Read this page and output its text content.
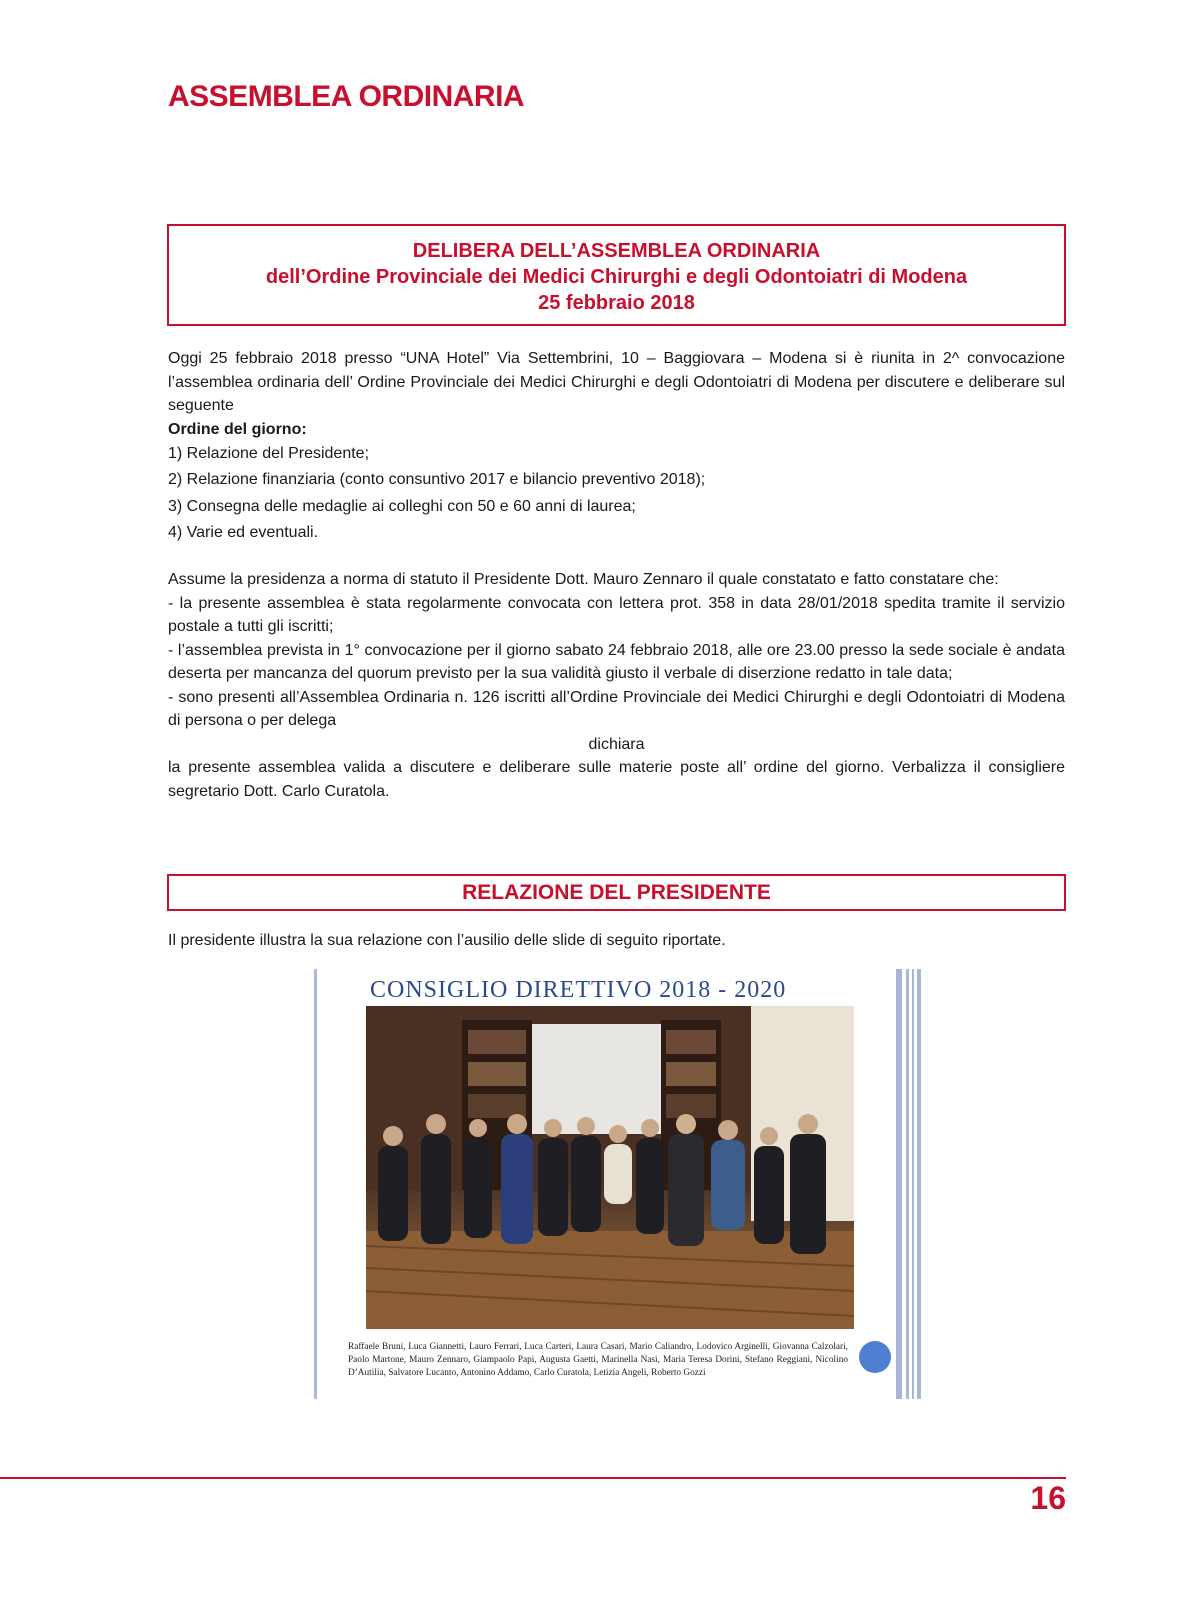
ASSEMBLEA ORDINARIA
DELIBERA DELL’ASSEMBLEA ORDINARIA
dell’Ordine Provinciale dei Medici Chirurghi e degli Odontoiatri di Modena
25 febbraio 2018
Oggi 25 febbraio 2018 presso “UNA Hotel” Via Settembrini, 10 – Baggiovara – Modena si è riunita in 2^ convocazione l’assemblea ordinaria dell’ Ordine Provinciale dei Medici Chirurghi e degli Odontoiatri di Modena per discutere e deliberare sul seguente
Ordine del giorno:
1) Relazione del Presidente;
2) Relazione finanziaria (conto consuntivo 2017 e bilancio preventivo 2018);
3) Consegna delle medaglie ai colleghi con 50 e 60 anni di laurea;
4) Varie ed eventuali.
Assume la presidenza a norma di statuto il Presidente Dott. Mauro Zennaro il quale constatato e fatto constatare che:
- la presente assemblea è stata regolarmente convocata con lettera prot. 358 in data 28/01/2018 spedita tramite il servizio postale a tutti gli iscritti;
- l’assemblea prevista in 1° convocazione per il giorno sabato 24 febbraio 2018, alle ore 23.00 presso la sede sociale è andata deserta per mancanza del quorum previsto per la sua validità giusto il verbale di diserzione redatto in tale data;
- sono presenti all’Assemblea Ordinaria n. 126 iscritti all’Ordine Provinciale dei Medici Chirurghi e degli Odontoiatri di Modena di persona o per delega
dichiara
la presente assemblea valida a discutere e deliberare sulle materie poste all’ ordine del giorno. Verbalizza il consigliere segretario Dott. Carlo Curatola.
RELAZIONE DEL PRESIDENTE
Il presidente illustra la sua relazione con l’ausilio delle slide di seguito riportate.
CONSIGLIO DIRETTIVO 2018 - 2020
Raffaele Bruni, Luca Giannetti, Lauro Ferrari, Luca Carteri, Laura Casari, Mario Caliandro, Lodovico Arginelli, Giovanna Calzolari, Paolo Martone, Mauro Zennaro, Giampaolo Papi, Augusta Gaetti, Marinella Nasi, Maria Teresa Dorini, Stefano Reggiani, Nicolino D’Autilia, Salvatore Lucanto, Antonino Addamo, Carlo Curatola, Letizia Angeli, Roberto Gozzi
16
